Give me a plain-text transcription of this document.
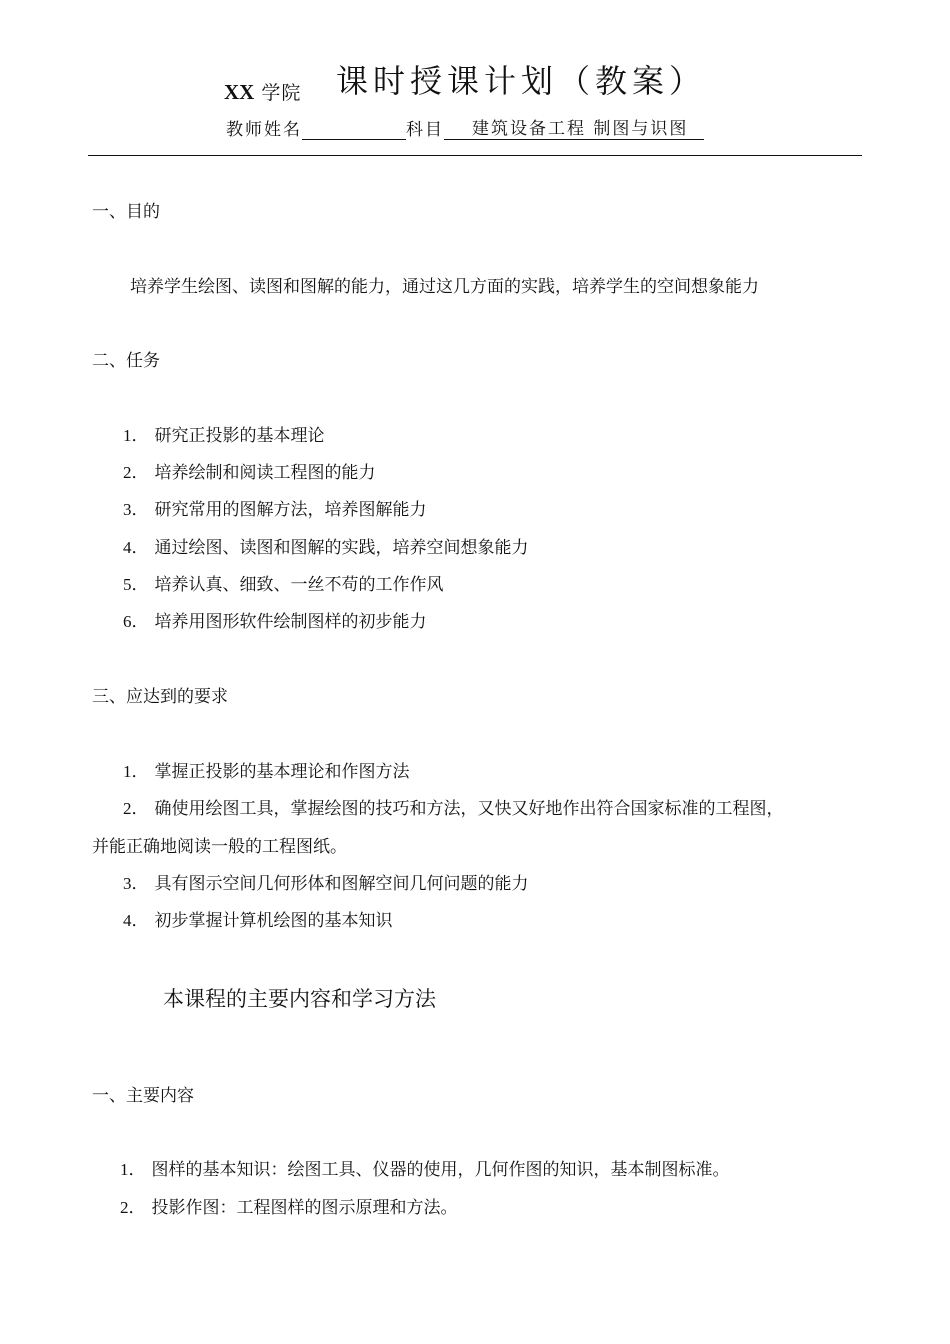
XX 学院 课时授课计划（教案）
教师姓名	科目	建筑设备工程 制图与识图
一、目的
培养学生绘图、读图和图解的能力，通过这几方面的实践，培养学生的空间想象能力
二、任务
1． 研究正投影的基本理论
2． 培养绘制和阅读工程图的能力
3． 研究常用的图解方法，培养图解能力
4． 通过绘图、读图和图解的实践，培养空间想象能力
5． 培养认真、细致、一丝不苟的工作作风
6． 培养用图形软件绘制图样的初步能力
三、应达到的要求
1． 掌握正投影的基本理论和作图方法
2． 确使用绘图工具，掌握绘图的技巧和方法，又快又好地作出符合国家标准的工程图，
并能正确地阅读一般的工程图纸。
3． 具有图示空间几何形体和图解空间几何问题的能力
4． 初步掌握计算机绘图的基本知识
本课程的主要内容和学习方法
一、主要内容
1． 图样的基本知识：绘图工具、仪器的使用，几何作图的知识，基本制图标准。
2． 投影作图：工程图样的图示原理和方法。
